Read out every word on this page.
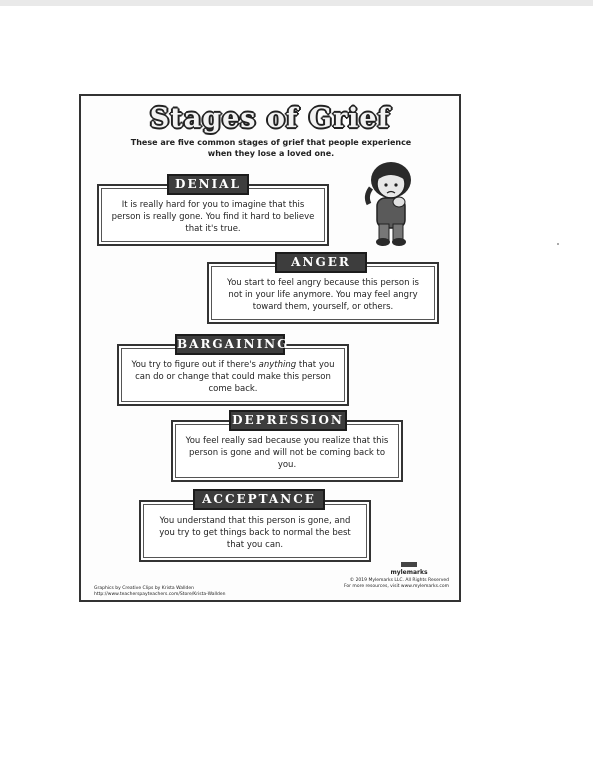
Stages of Grief
These are five common stages of grief that people experience when they lose a loved one.
It is really hard for you to imagine that this person is really gone. You find it hard to believe that it's true.
DENIAL
You start to feel angry because this person is not in your life anymore. You may feel angry toward them, yourself, or others.
ANGER
You try to figure out if there's anything that you can do or change that could make this person come back.
BARGAINING
You feel really sad because you realize that this person is gone and will not be coming back to you.
DEPRESSION
You understand that this person is gone, and you try to get things back to normal the best that you can.
ACCEPTANCE
Graphics by Creative Clips by Krista Wallden
http://www.teacherspayteachers.com/Store/Krista-Wallden
mylemarks
© 2019 Mylemarks LLC. All Rights Reserved
For more resources, visit www.mylemarks.com
